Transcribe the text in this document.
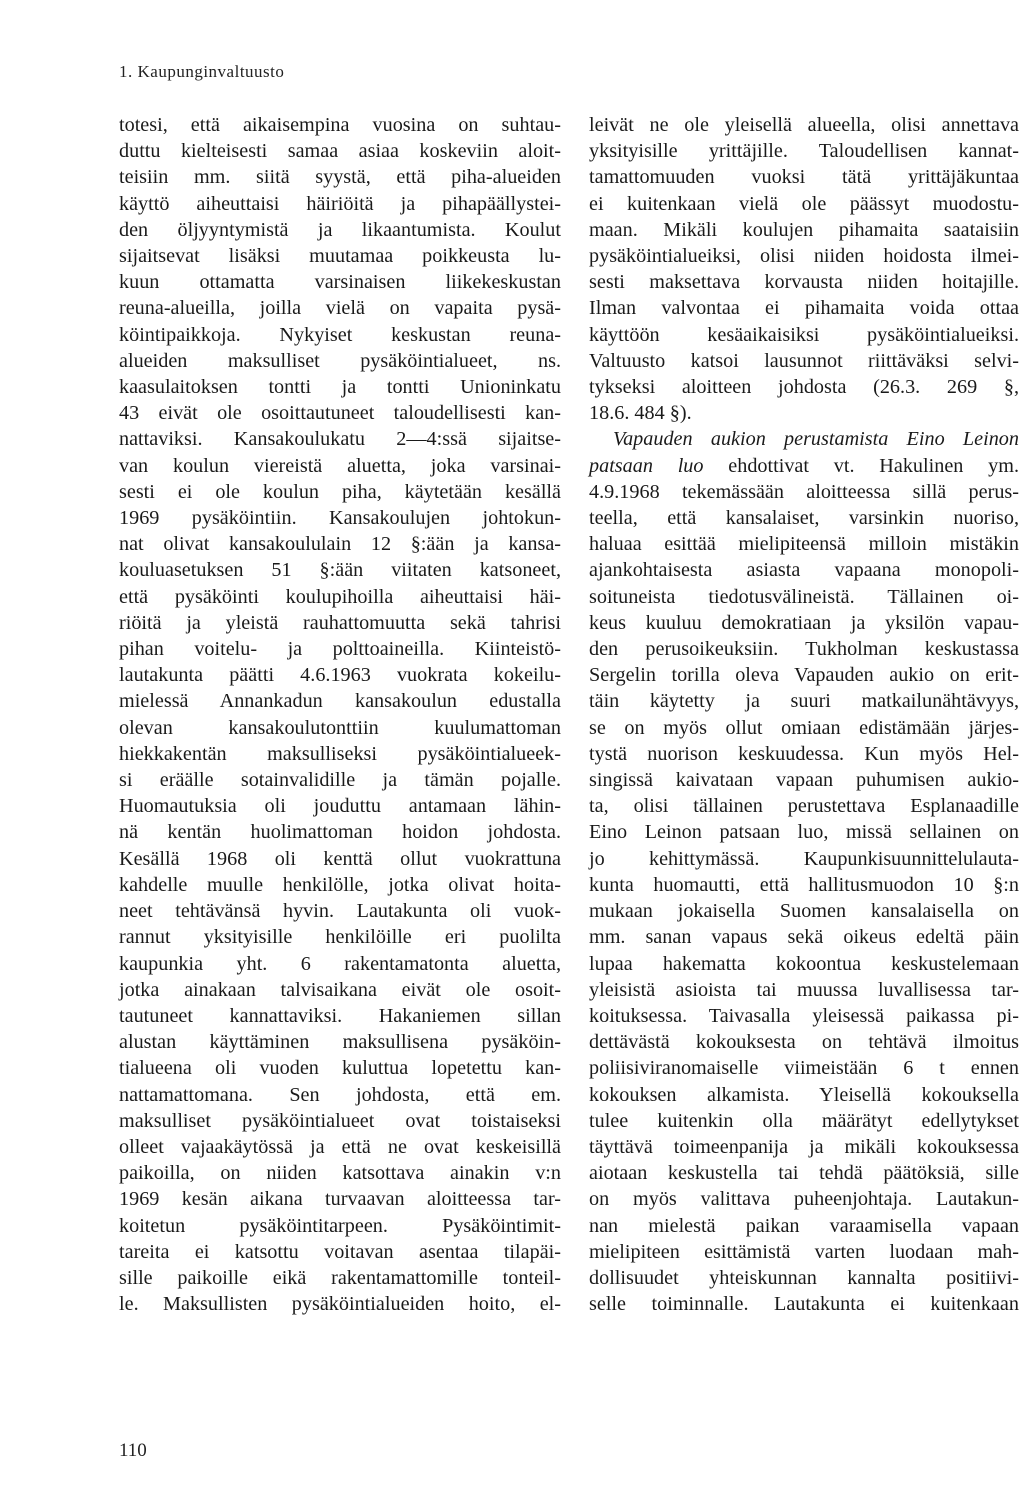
1. Kaupunginvaltuusto
totesi, että aikaisempina vuosina on suhtau-
duttu kielteisesti samaa asiaa koskeviin aloit-
teisiin mm. siitä syystä, että piha-alueiden
käyttö aiheuttaisi häiriöitä ja pihapäällystei-
den öljyyntymistä ja likaantumista. Koulut
sijaitsevat lisäksi muutamaa poikkeusta lu-
kuun ottamatta varsinaisen liikekeskustan
reuna-alueilla, joilla vielä on vapaita pysä-
köintipaikkoja. Nykyiset keskustan reuna-
alueiden maksulliset pysäköintialueet, ns.
kaasulaitoksen tontti ja tontti Unioninkatu
43 eivät ole osoittautuneet taloudellisesti kan-
nattaviksi. Kansakoulukatu 2—4:ssä sijaitse-
van koulun viereistä aluetta, joka varsinai-
sesti ei ole koulun piha, käytetään kesällä
1969 pysäköintiin. Kansakoulujen johtokun-
nat olivat kansakoululain 12 §:ään ja kansa-
kouluasetuksen 51 §:ään viitaten katsoneet,
että pysäköinti koulupihoilla aiheuttaisi häi-
riöitä ja yleistä rauhattomuutta sekä tahrisi
pihan voitelu- ja polttoaineilla. Kiinteistö-
lautakunta päätti 4.6.1963 vuokrata kokeilu-
mielessä Annankadun kansakoulun edustalla
olevan kansakoulutonttiin kuulumattoman
hiekkakentän maksulliseksi pysäköintialueek-
si eräälle sotainvalidille ja tämän pojalle.
Huomautuksia oli jouduttu antamaan lähin-
nä kentän huolimattoman hoidon johdosta.
Kesällä 1968 oli kenttä ollut vuokrattuna
kahdelle muulle henkilölle, jotka olivat hoita-
neet tehtävänsä hyvin. Lautakunta oli vuok-
rannut yksityisille henkilöille eri puolilta
kaupunkia yht. 6 rakentamatonta aluetta,
jotka ainakaan talvisaikana eivät ole osoit-
tautuneet kannattaviksi. Hakaniemen sillan
alustan käyttäminen maksullisena pysäköin-
tialueena oli vuoden kuluttua lopetettu kan-
nattamattomana. Sen johdosta, että em.
maksulliset pysäköintialueet ovat toistaiseksi
olleet vajaakäytössä ja että ne ovat keskeisillä
paikoilla, on niiden katsottava ainakin v:n
1969 kesän aikana turvaavan aloitteessa tar-
koitetun pysäköintitarpeen. Pysäköintimit-
tareita ei katsottu voitavan asentaa tilapäi-
sille paikoille eikä rakentamattomille tonteil-
le. Maksullisten pysäköintialueiden hoito, el-
leivät ne ole yleisellä alueella, olisi annettava
yksityisille yrittäjille. Taloudellisen kannat-
tamattomuuden vuoksi tätä yrittäjäkuntaa
ei kuitenkaan vielä ole päässyt muodostu-
maan. Mikäli koulujen pihamaita saataisiin
pysäköintialueiksi, olisi niiden hoidosta ilmei-
sesti maksettava korvausta niiden hoitajille.
Ilman valvontaa ei pihamaita voida ottaa
käyttöön kesäaikaisiksi pysäköintialueiksi.
Valtuusto katsoi lausunnot riittäväksi selvi-
tykseksi aloitteen johdosta (26.3. 269 §,
18.6. 484 §).
Vapauden aukion perustamista Eino Leinon
patsaan luo ehdottivat vt. Hakulinen ym.
4.9.1968 tekemässään aloitteessa sillä perus-
teella, että kansalaiset, varsinkin nuoriso,
haluaa esittää mielipiteensä milloin mistäkin
ajankohtaisesta asiasta vapaana monopoli-
soituneista tiedotusvälineistä. Tällainen oi-
keus kuuluu demokratiaan ja yksilön vapau-
den perusoikeuksiin. Tukholman keskustassa
Sergelin torilla oleva Vapauden aukio on erit-
täin käytetty ja suuri matkailunähtävyys,
se on myös ollut omiaan edistämään järjes-
tystä nuorison keskuudessa. Kun myös Hel-
singissä kaivataan vapaan puhumisen aukio-
ta, olisi tällainen perustettava Esplanaadille
Eino Leinon patsaan luo, missä sellainen on
jo kehittymässä. Kaupunkisuunnittelulauta-
kunta huomautti, että hallitusmuodon 10 §:n
mukaan jokaisella Suomen kansalaisella on
mm. sanan vapaus sekä oikeus edeltä päin
lupaa hakematta kokoontua keskustelemaan
yleisistä asioista tai muussa luvallisessa tar-
koituksessa. Taivasalla yleisessä paikassa pi-
dettävästä kokouksesta on tehtävä ilmoitus
poliisiviranomaiselle viimeistään 6 t ennen
kokouksen alkamista. Yleisellä kokouksella
tulee kuitenkin olla määrätyt edellytykset
täyttävä toimeenpanija ja mikäli kokouksessa
aiotaan keskustella tai tehdä päätöksiä, sille
on myös valittava puheenjohtaja. Lautakun-
nan mielestä paikan varaamisella vapaan
mielipiteen esittämistä varten luodaan mah-
dollisuudet yhteiskunnan kannalta positiivi-
selle toiminnalle. Lautakunta ei kuitenkaan
110
